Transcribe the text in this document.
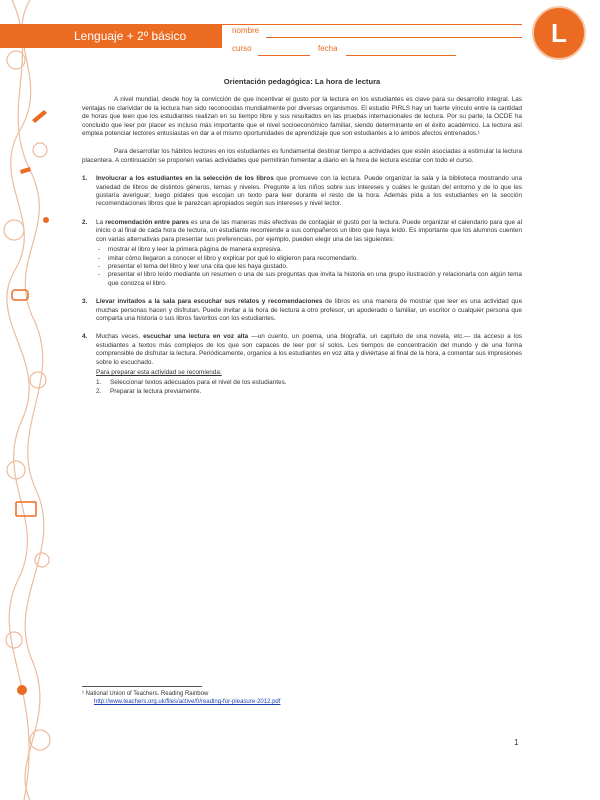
Lenguaje + 2º básico	nombre
curso	fecha
L
Orientación pedagógica: La hora de lectura

A nivel mundial, desde hoy la convicción de que incentivar el gusto por la lectura en los estudiantes es clave para su desarrollo integral. Las ventajas ne clarividar de la lectura han sido reconocidas mundialmente por diversas organismos. El estudio PIRLS hay un fuerte vínculo entre la cantidad de horas que leen que los estudiantes realizan en su tiempo libre y sus resultados en las pruebas internacionales de lectura. Por su parte, la OCDE ha concluido que leer por placer es incluso más importante que el nivel socioeconómico familiar, siendo determinante en el éxito académico. La lectura así emplea potenciar lectores entusiastas en dar a el mismo oportunidades de aprendizaje que son estudiantes a lo ambos afectos entrenados.¹

Para desarrollar los hábitos lectores en los estudiantes es fundamental destinar tiempo a actividades que estén asociadas a estimular la lectura placentera. A continuación se proponen varias actividades que permitirán fomentar a diario en la hora de lectura escolar con todo el curso.

1.	Involucrar a los estudiantes en la selección de los libros que promueve con la lectura. Puede organizar la sala y la biblioteca mostrando una variedad de libros de distintos géneros, temas y niveles. Pregunte a los niños sobre sus intereses y cuáles le gustan del entorno y de lo que les gustaría averiguar; luego pídales que escojan un texto para leer durante el resto de la hora. Además pida a los estudiantes en la sección recomendaciones libros que le parezcan apropiados según sus intereses y nivel lector.
2.	La recomendación entre pares es una de las maneras más efectivas de contagiar el gusto por la lectura. Puede organizar el calendario para que al inicio o al final de cada hora de lectura, un estudiante recomiende a sus compañeros un libro que haya leído. Es importante que los alumnos cuenten con varias alternativas para presentar sus preferencias, por ejemplo, pueden elegir una de las siguientes:
- mostrar el libro y leer la primera página de manera expresiva.
- imitar cómo llegaron a conocer el libro y explicar por qué lo eligieron para recomendarlo.
- presentar el tema del libro y leer una cita que les haya gustado.
- presentar el libro leído mediante un resumen o una de sus preguntas que invita la historia en una grupo ilustración y relacionarla con algún tema que conozca el libro.
3.	Llevar invitados a la sala para escuchar sus relatos y recomendaciones de libros es una manera de mostrar que leer es una actividad que muchas personas hacen y disfrutan. Puede invitar a la hora de lectura a otro profesor, un apoderado o familiar, un escritor o cualquier persona que comparta una historia o sus libros favoritos con los estudiantes.
4.	Muchas veces, escuchar una lectura en voz alta —un cuento, un poema, una biografía, un capítulo de una novela, etc.— da acceso a los estudiantes a textos más complejos de los que son capaces de leer por sí solos. Los tiempos de concentración del mundo y de una forma comprensible de disfrutar la lectura. Periódicamente, organice a los estudiantes en voz alta y diviértase al final de la hora, a comentar sus impresiones sobre lo escuchado.
Para preparar esta actividad se recomienda:
1.	Seleccionar textos adecuados para el nivel de los estudiantes.
2.	Preparar la lectura previamente.
¹ National Union of Teachers. Reading Rainbow
http://www.teachers.org.uk/files/active/0/reading-for-pleasure-2012.pdf
1
